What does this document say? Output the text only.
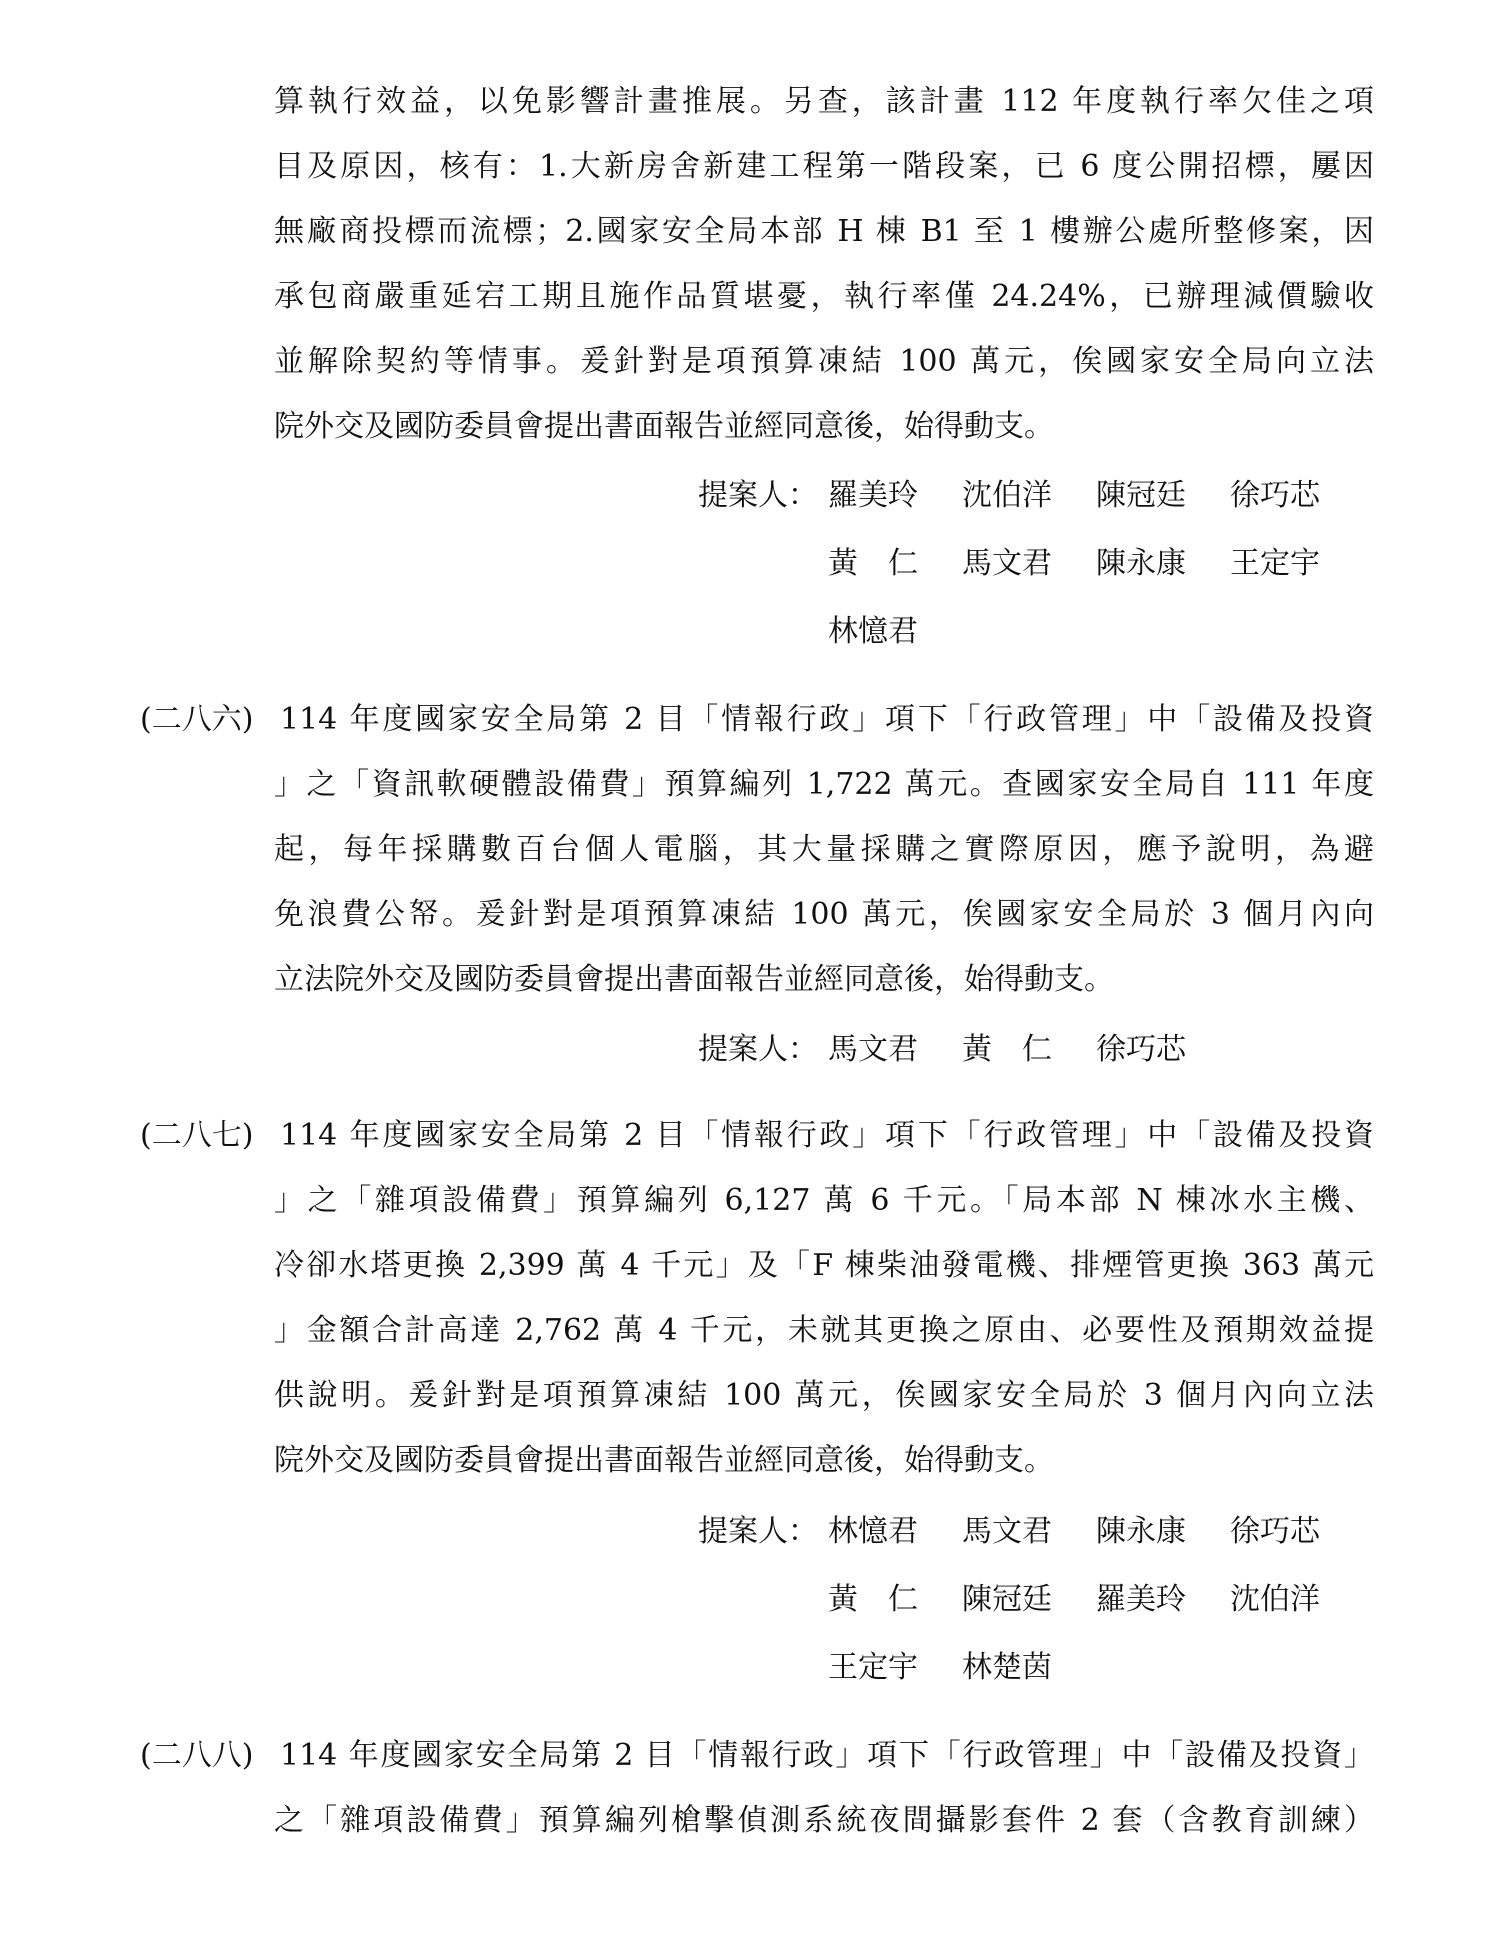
算執行效益，以免影響計畫推展。另查，該計畫 112 年度執行率欠佳之項
目及原因，核有：1.大新房舍新建工程第一階段案，已 6 度公開招標，屢因
無廠商投標而流標；2.國家安全局本部 H 棟 B1 至 1 樓辦公處所整修案，因
承包商嚴重延宕工期且施作品質堪憂，執行率僅 24.24%，已辦理減價驗收
並解除契約等情事。爰針對是項預算凍結 100 萬元，俟國家安全局向立法
院外交及國防委員會提出書面報告並經同意後，始得動支。
提案人： 羅美玲 沈伯洋 陳冠廷 徐巧芯
黃　仁 馬文君 陳永康 王定宇
林憶君
(二八六) 114 年度國家安全局第 2 目「情報行政」項下「行政管理」中「設備及投資
」之「資訊軟硬體設備費」預算編列 1,722 萬元。查國家安全局自 111 年度
起，每年採購數百台個人電腦，其大量採購之實際原因，應予說明，為避
免浪費公帑。爰針對是項預算凍結 100 萬元，俟國家安全局於 3 個月內向
立法院外交及國防委員會提出書面報告並經同意後，始得動支。
提案人： 馬文君 黃　仁 徐巧芯
(二八七) 114 年度國家安全局第 2 目「情報行政」項下「行政管理」中「設備及投資
」之「雜項設備費」預算編列 6,127 萬 6 千元。「局本部 N 棟冰水主機、
冷卻水塔更換 2,399 萬 4 千元」及「F 棟柴油發電機、排煙管更換 363 萬元
」金額合計高達 2,762 萬 4 千元，未就其更換之原由、必要性及預期效益提
供說明。爰針對是項預算凍結 100 萬元，俟國家安全局於 3 個月內向立法
院外交及國防委員會提出書面報告並經同意後，始得動支。
提案人： 林憶君 馬文君 陳永康 徐巧芯
黃　仁 陳冠廷 羅美玲 沈伯洋
王定宇 林楚茵
(二八八) 114 年度國家安全局第 2 目「情報行政」項下「行政管理」中「設備及投資」
之「雜項設備費」預算編列槍擊偵測系統夜間攝影套件 2 套（含教育訓練）
